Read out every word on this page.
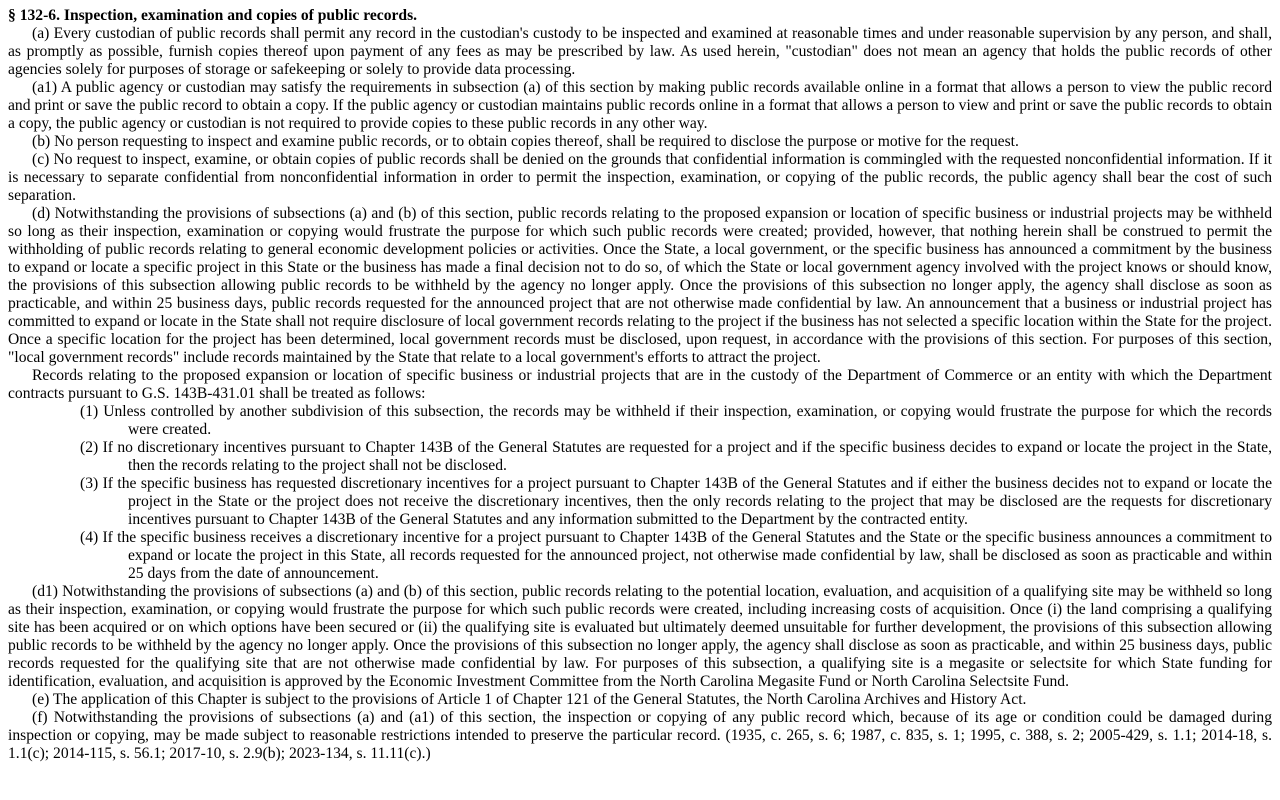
§ 132-6. Inspection, examination and copies of public records.

(a) Every custodian of public records shall permit any record in the custodian's custody to be inspected and examined at reasonable times and under reasonable supervision by any person, and shall, as promptly as possible, furnish copies thereof upon payment of any fees as may be prescribed by law. As used herein, "custodian" does not mean an agency that holds the public records of other agencies solely for purposes of storage or safekeeping or solely to provide data processing.

(a1) A public agency or custodian may satisfy the requirements in subsection (a) of this section by making public records available online in a format that allows a person to view the public record and print or save the public record to obtain a copy. If the public agency or custodian maintains public records online in a format that allows a person to view and print or save the public records to obtain a copy, the public agency or custodian is not required to provide copies to these public records in any other way.

(b) No person requesting to inspect and examine public records, or to obtain copies thereof, shall be required to disclose the purpose or motive for the request.

(c) No request to inspect, examine, or obtain copies of public records shall be denied on the grounds that confidential information is commingled with the requested nonconfidential information. If it is necessary to separate confidential from nonconfidential information in order to permit the inspection, examination, or copying of the public records, the public agency shall bear the cost of such separation.

(d) Notwithstanding the provisions of subsections (a) and (b) of this section, public records relating to the proposed expansion or location of specific business or industrial projects may be withheld so long as their inspection, examination or copying would frustrate the purpose for which such public records were created; provided, however, that nothing herein shall be construed to permit the withholding of public records relating to general economic development policies or activities. Once the State, a local government, or the specific business has announced a commitment by the business to expand or locate a specific project in this State or the business has made a final decision not to do so, of which the State or local government agency involved with the project knows or should know, the provisions of this subsection allowing public records to be withheld by the agency no longer apply. Once the provisions of this subsection no longer apply, the agency shall disclose as soon as practicable, and within 25 business days, public records requested for the announced project that are not otherwise made confidential by law. An announcement that a business or industrial project has committed to expand or locate in the State shall not require disclosure of local government records relating to the project if the business has not selected a specific location within the State for the project. Once a specific location for the project has been determined, local government records must be disclosed, upon request, in accordance with the provisions of this section. For purposes of this section, "local government records" include records maintained by the State that relate to a local government's efforts to attract the project.

Records relating to the proposed expansion or location of specific business or industrial projects that are in the custody of the Department of Commerce or an entity with which the Department contracts pursuant to G.S. 143B-431.01 shall be treated as follows:

(1) Unless controlled by another subdivision of this subsection, the records may be withheld if their inspection, examination, or copying would frustrate the purpose for which the records were created.

(2) If no discretionary incentives pursuant to Chapter 143B of the General Statutes are requested for a project and if the specific business decides to expand or locate the project in the State, then the records relating to the project shall not be disclosed.

(3) If the specific business has requested discretionary incentives for a project pursuant to Chapter 143B of the General Statutes and if either the business decides not to expand or locate the project in the State or the project does not receive the discretionary incentives, then the only records relating to the project that may be disclosed are the requests for discretionary incentives pursuant to Chapter 143B of the General Statutes and any information submitted to the Department by the contracted entity.

(4) If the specific business receives a discretionary incentive for a project pursuant to Chapter 143B of the General Statutes and the State or the specific business announces a commitment to expand or locate the project in this State, all records requested for the announced project, not otherwise made confidential by law, shall be disclosed as soon as practicable and within 25 days from the date of announcement.

(d1) Notwithstanding the provisions of subsections (a) and (b) of this section, public records relating to the potential location, evaluation, and acquisition of a qualifying site may be withheld so long as their inspection, examination, or copying would frustrate the purpose for which such public records were created, including increasing costs of acquisition. Once (i) the land comprising a qualifying site has been acquired or on which options have been secured or (ii) the qualifying site is evaluated but ultimately deemed unsuitable for further development, the provisions of this subsection allowing public records to be withheld by the agency no longer apply. Once the provisions of this subsection no longer apply, the agency shall disclose as soon as practicable, and within 25 business days, public records requested for the qualifying site that are not otherwise made confidential by law. For purposes of this subsection, a qualifying site is a megasite or selectsite for which State funding for identification, evaluation, and acquisition is approved by the Economic Investment Committee from the North Carolina Megasite Fund or North Carolina Selectsite Fund.

(e) The application of this Chapter is subject to the provisions of Article 1 of Chapter 121 of the General Statutes, the North Carolina Archives and History Act.

(f) Notwithstanding the provisions of subsections (a) and (a1) of this section, the inspection or copying of any public record which, because of its age or condition could be damaged during inspection or copying, may be made subject to reasonable restrictions intended to preserve the particular record. (1935, c. 265, s. 6; 1987, c. 835, s. 1; 1995, c. 388, s. 2; 2005-429, s. 1.1; 2014-18, s. 1.1(c); 2014-115, s. 56.1; 2017-10, s. 2.9(b); 2023-134, s. 11.11(c).)
